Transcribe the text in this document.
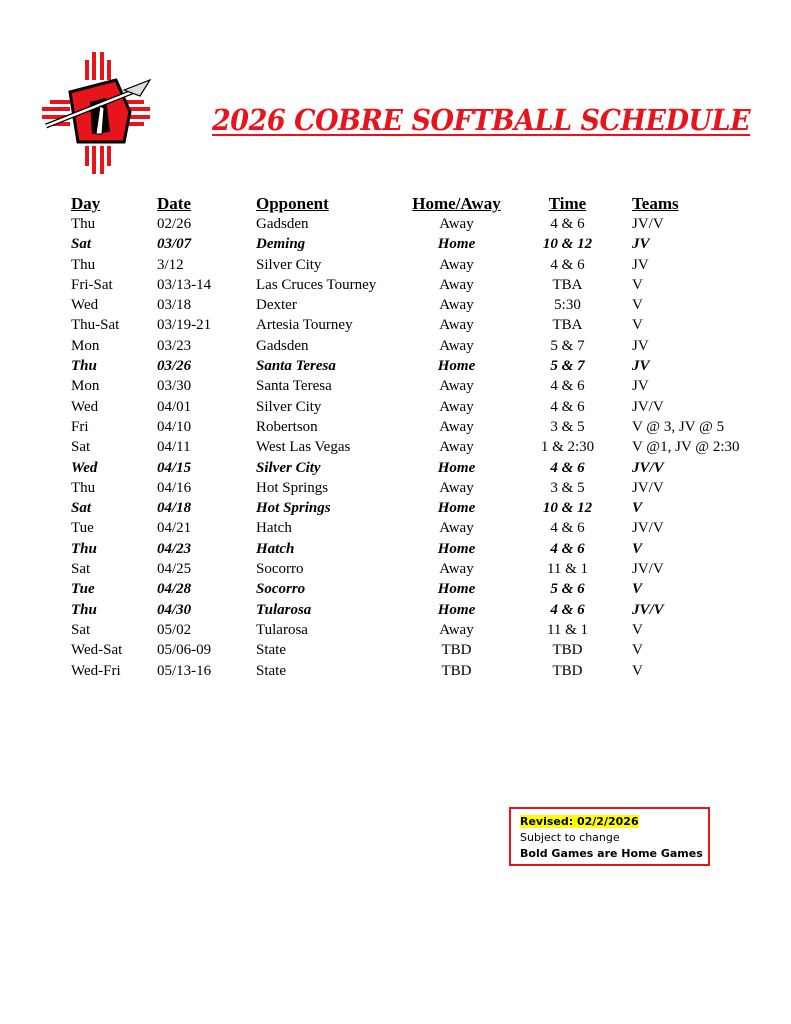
2026 COBRE SOFTBALL SCHEDULE
Day	Date	Opponent	Home/Away	Time	Teams
Thu	02/26	Gadsden	Away	4 & 6	JV/V
Sat	03/07	Deming	Home	10 & 12	JV
Thu	3/12	Silver City	Away	4 & 6	JV
Fri-Sat	03/13-14	Las Cruces Tourney	Away	TBA	V
Wed	03/18	Dexter	Away	5:30	V
Thu-Sat	03/19-21	Artesia Tourney	Away	TBA	V
Mon	03/23	Gadsden	Away	5 & 7	JV
Thu	03/26	Santa Teresa	Home	5 & 7	JV
Mon	03/30	Santa Teresa	Away	4 & 6	JV
Wed	04/01	Silver City	Away	4 & 6	JV/V
Fri	04/10	Robertson	Away	3 & 5	V @ 3, JV @ 5
Sat	04/11	West Las Vegas	Away	1 & 2:30	V @1, JV @ 2:30
Wed	04/15	Silver City	Home	4 & 6	JV/V
Thu	04/16	Hot Springs	Away	3 & 5	JV/V
Sat	04/18	Hot Springs	Home	10 & 12	V
Tue	04/21	Hatch	Away	4 & 6	JV/V
Thu	04/23	Hatch	Home	4 & 6	V
Sat	04/25	Socorro	Away	11 & 1	JV/V
Tue	04/28	Socorro	Home	5 & 6	V
Thu	04/30	Tularosa	Home	4 & 6	JV/V
Sat	05/02	Tularosa	Away	11 & 1	V
Wed-Sat	05/06-09	State	TBD	TBD	V
Wed-Fri	05/13-16	State	TBD	TBD	V
Revised: 02/2/2026
Subject to change
Bold Games are Home Games
